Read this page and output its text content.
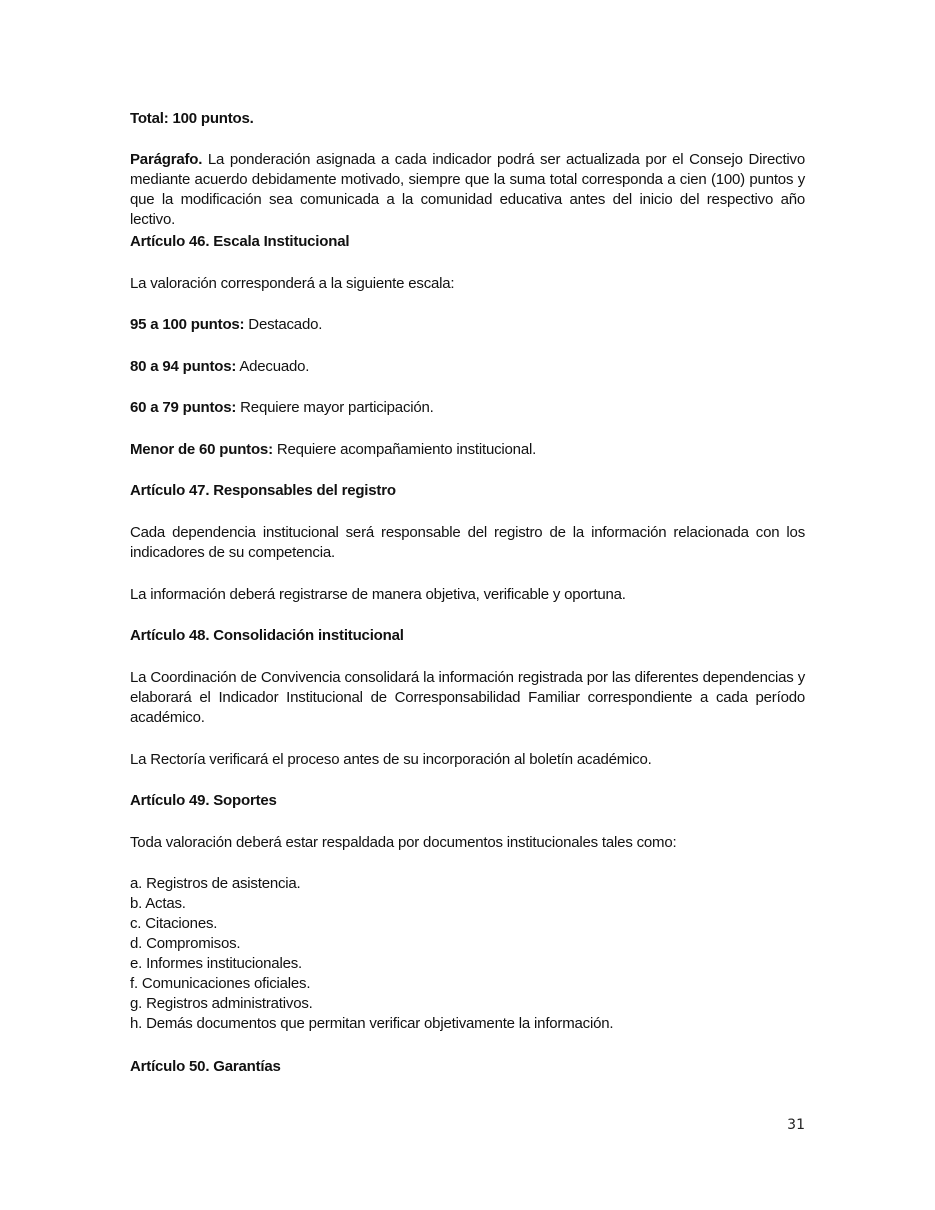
Total: 100 puntos.

Parágrafo. La ponderación asignada a cada indicador podrá ser actualizada por el Consejo Directivo mediante acuerdo debidamente motivado, siempre que la suma total corresponda a cien (100) puntos y que la modificación sea comunicada a la comunidad educativa antes del inicio del respectivo año lectivo.

Artículo 46. Escala Institucional

La valoración corresponderá a la siguiente escala:

95 a 100 puntos: Destacado.

80 a 94 puntos: Adecuado.

60 a 79 puntos: Requiere mayor participación.

Menor de 60 puntos: Requiere acompañamiento institucional.

Artículo 47. Responsables del registro

Cada dependencia institucional será responsable del registro de la información relacionada con los indicadores de su competencia.

La información deberá registrarse de manera objetiva, verificable y oportuna.

Artículo 48. Consolidación institucional

La Coordinación de Convivencia consolidará la información registrada por las diferentes dependencias y elaborará el Indicador Institucional de Corresponsabilidad Familiar correspondiente a cada período académico.

La Rectoría verificará el proceso antes de su incorporación al boletín académico.

Artículo 49. Soportes

Toda valoración deberá estar respaldada por documentos institucionales tales como:

a. Registros de asistencia.
b. Actas.
c. Citaciones.
d. Compromisos.
e. Informes institucionales.
f. Comunicaciones oficiales.
g. Registros administrativos.
h. Demás documentos que permitan verificar objetivamente la información.

Artículo 50. Garantías

31
